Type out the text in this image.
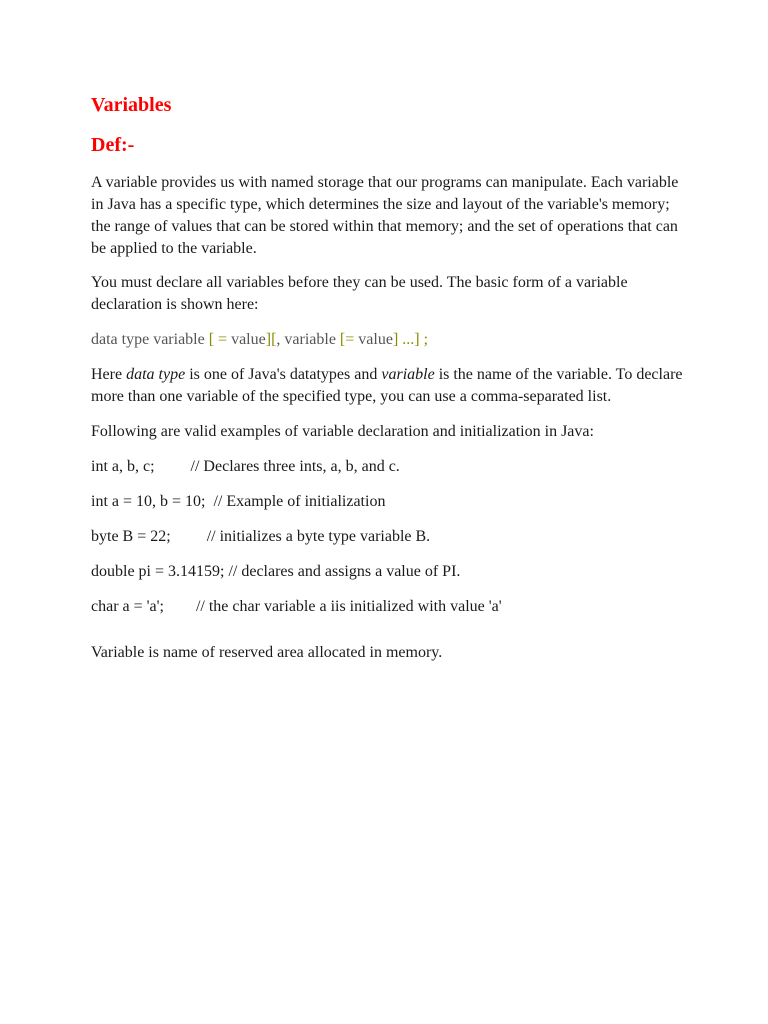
Variables
Def:-

A variable provides us with named storage that our programs can manipulate. Each variable in Java has a specific type, which determines the size and layout of the variable's memory; the range of values that can be stored within that memory; and the set of operations that can be applied to the variable.

You must declare all variables before they can be used. The basic form of a variable declaration is shown here:

data type variable [ = value][, variable [= value] ...] ;

Here data type is one of Java's datatypes and variable is the name of the variable. To declare more than one variable of the specified type, you can use a comma-separated list.

Following are valid examples of variable declaration and initialization in Java:

int a, b, c;         // Declares three ints, a, b, and c.

int a = 10, b = 10;  // Example of initialization

byte B = 22;         // initializes a byte type variable B.

double pi = 3.14159; // declares and assigns a value of PI.

char a = 'a';        // the char variable a iis initialized with value 'a'

Variable is name of reserved area allocated in memory.
